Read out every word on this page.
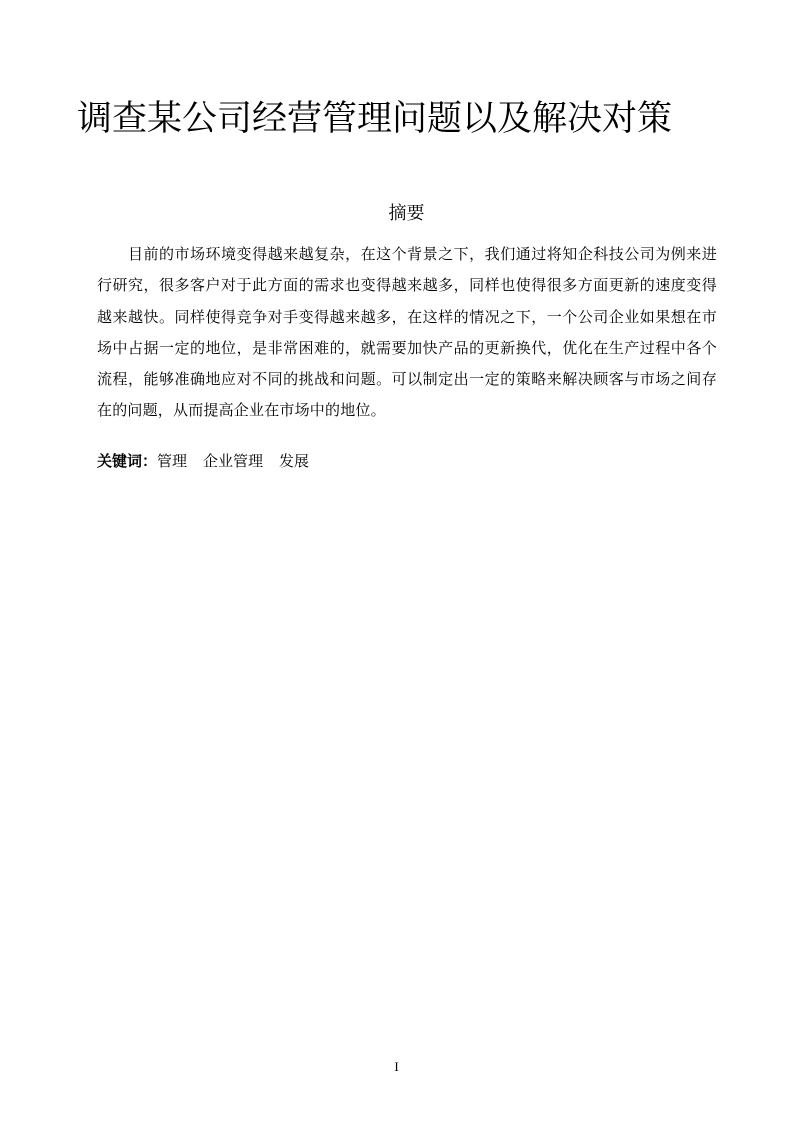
调查某公司经营管理问题以及解决对策
摘要

目前的市场环境变得越来越复杂，在这个背景之下，我们通过将知企科技公司为例来进行研究，很多客户对于此方面的需求也变得越来越多，同样也使得很多方面更新的速度变得越来越快。同样使得竞争对手变得越来越多，在这样的情况之下，一个公司企业如果想在市场中占据一定的地位，是非常困难的，就需要加快产品的更新换代，优化在生产过程中各个流程，能够准确地应对不同的挑战和问题。可以制定出一定的策略来解决顾客与市场之间存在的问题，从而提高企业在市场中的地位。

关键词：管理 企业管理 发展
I
